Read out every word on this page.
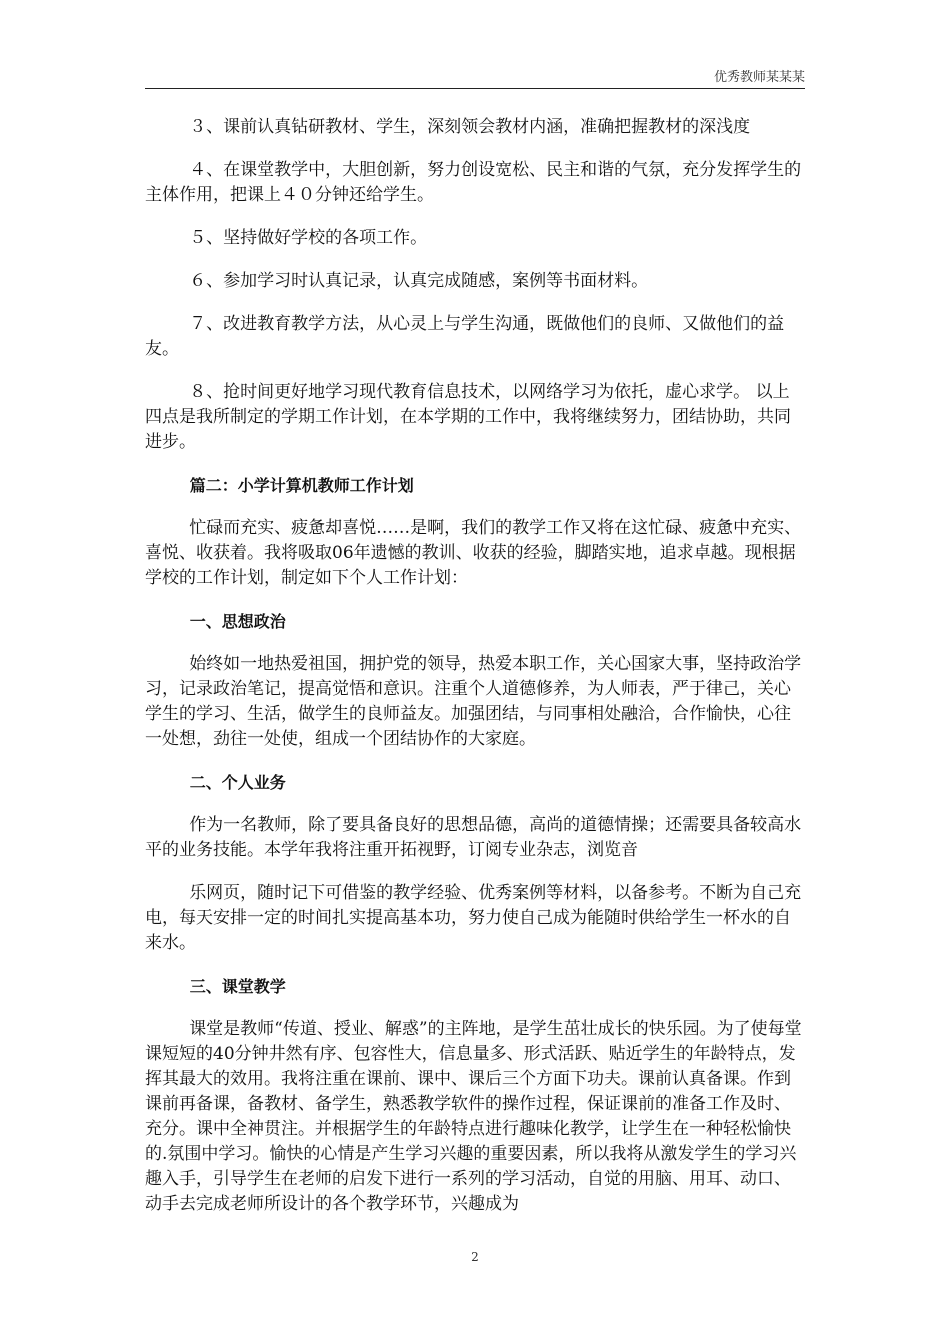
优秀教师某某某

３、课前认真钻研教材、学生，深刻领会教材内涵，准确把握教材的深浅度

４、在课堂教学中，大胆创新，努力创设宽松、民主和谐的气氛，充分发挥学生的主体作用，把课上４０分钟还给学生。

５、坚持做好学校的各项工作。

６、参加学习时认真记录，认真完成随感，案例等书面材料。

７、改进教育教学方法，从心灵上与学生沟通，既做他们的良师、又做他们的益友。

８、抢时间更好地学习现代教育信息技术，以网络学习为依托，虚心求学。 以上四点是我所制定的学期工作计划，在本学期的工作中，我将继续努力，团结协助，共同进步。

篇二：小学计算机教师工作计划

忙碌而充实、疲惫却喜悦……是啊，我们的教学工作又将在这忙碌、疲惫中充实、喜悦、收获着。我将吸取06年遗憾的教训、收获的经验，脚踏实地，追求卓越。现根据学校的工作计划，制定如下个人工作计划：

一、思想政治

始终如一地热爱祖国，拥护党的领导，热爱本职工作，关心国家大事，坚持政治学习，记录政治笔记，提高觉悟和意识。注重个人道德修养，为人师表，严于律己，关心学生的学习、生活，做学生的良师益友。加强团结，与同事相处融洽，合作愉快，心往一处想，劲往一处使，组成一个团结协作的大家庭。

二、个人业务

作为一名教师，除了要具备良好的思想品德，高尚的道德情操；还需要具备较高水平的业务技能。本学年我将注重开拓视野，订阅专业杂志，浏览音

乐网页，随时记下可借鉴的教学经验、优秀案例等材料，以备参考。不断为自己充电，每天安排一定的时间扎实提高基本功，努力使自己成为能随时供给学生一杯水的自来水。

三、课堂教学

课堂是教师“传道、授业、解惑”的主阵地，是学生茁壮成长的快乐园。为了使每堂课短短的40分钟井然有序、包容性大，信息量多、形式活跃、贴近学生的年龄特点，发挥其最大的效用。我将注重在课前、课中、课后三个方面下功夫。课前认真备课。作到课前再备课，备教材、备学生，熟悉教学软件的操作过程，保证课前的准备工作及时、充分。课中全神贯注。并根据学生的年龄特点进行趣味化教学，让学生在一种轻松愉快的.氛围中学习。愉快的心情是产生学习兴趣的重要因素，所以我将从激发学生的学习兴趣入手，引导学生在老师的启发下进行一系列的学习活动，自觉的用脑、用耳、动口、动手去完成老师所设计的各个教学环节，兴趣成为

2
